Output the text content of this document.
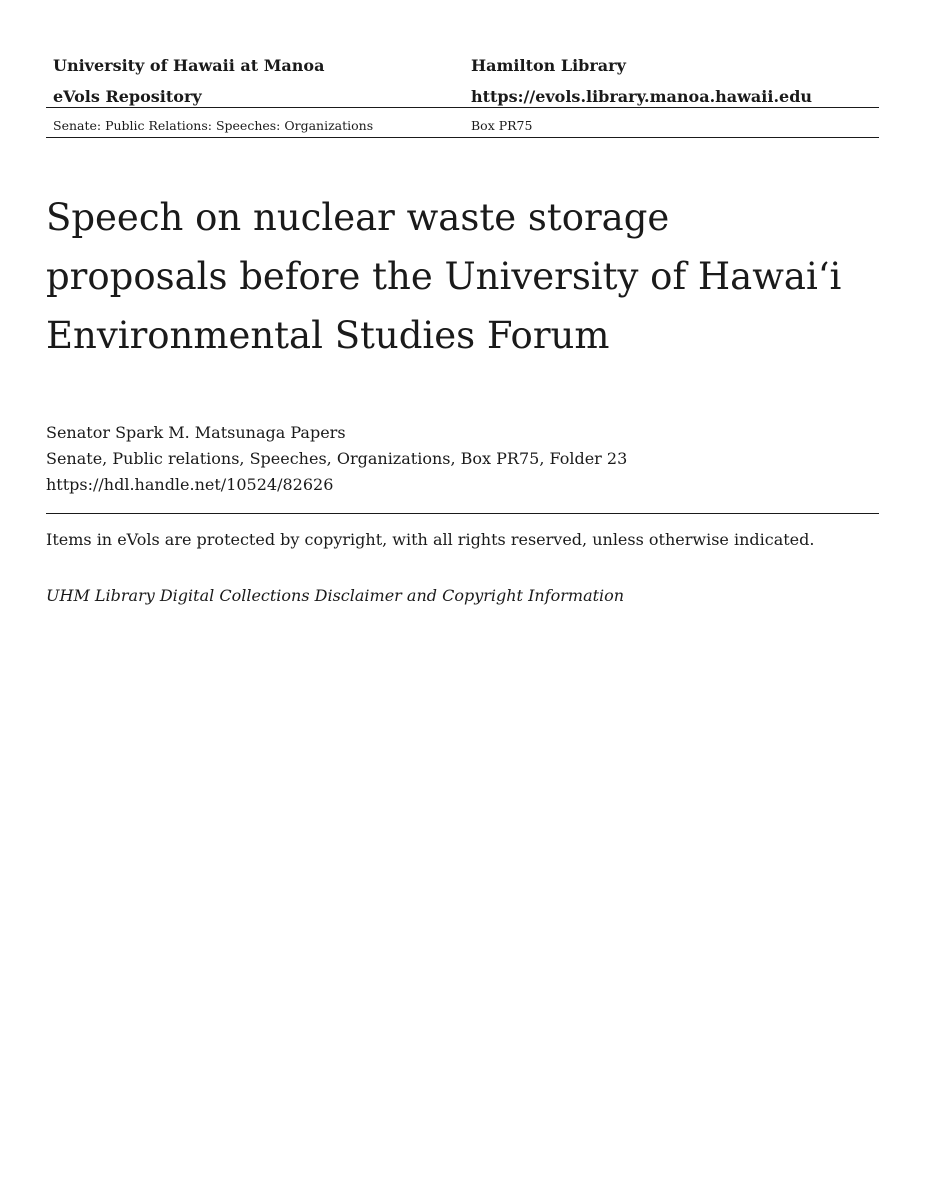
University of Hawaii at Manoa	Hamilton Library
eVols Repository	https://evols.library.manoa.hawaii.edu
Senate: Public Relations: Speeches: Organizations	Box PR75
Speech on nuclear waste storage proposals before the University of Hawaiʻi Environmental Studies Forum
Senator Spark M. Matsunaga Papers
Senate, Public relations, Speeches, Organizations, Box PR75, Folder 23
https://hdl.handle.net/10524/82626
Items in eVols are protected by copyright, with all rights reserved, unless otherwise indicated.
UHM Library Digital Collections Disclaimer and Copyright Information
